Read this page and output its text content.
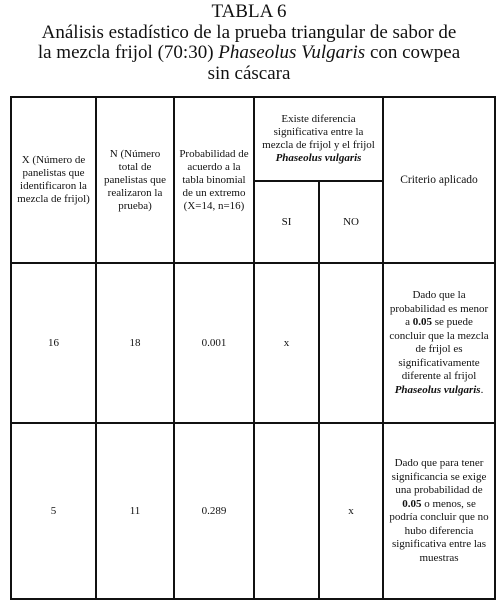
TABLA 6
Análisis estadístico de la prueba triangular de sabor de
la mezcla frijol (70:30) Phaseolus Vulgaris con cowpea
sin cáscara
X (Número de panelistas que identificaron la mezcla de frijol)	N (Número total de panelistas que realizaron la prueba)	Probabilidad de acuerdo a la tabla binomial de un extremo (X=14, n=16)	Existe diferencia significativa entre la mezcla de frijol y el frijol Phaseolus vulgaris		Criterio aplicado
			SI	NO	
16	18	0.001	x		Dado que la probabilidad es menor a 0.05 se puede concluir que la mezcla de frijol es significativamente diferente al frijol Phaseolus vulgaris.
5	11	0.289		x	Dado que para tener significancia se exige una probabilidad de 0.05 o menos, se podría concluir que no hubo diferencia significativa entre las muestras
